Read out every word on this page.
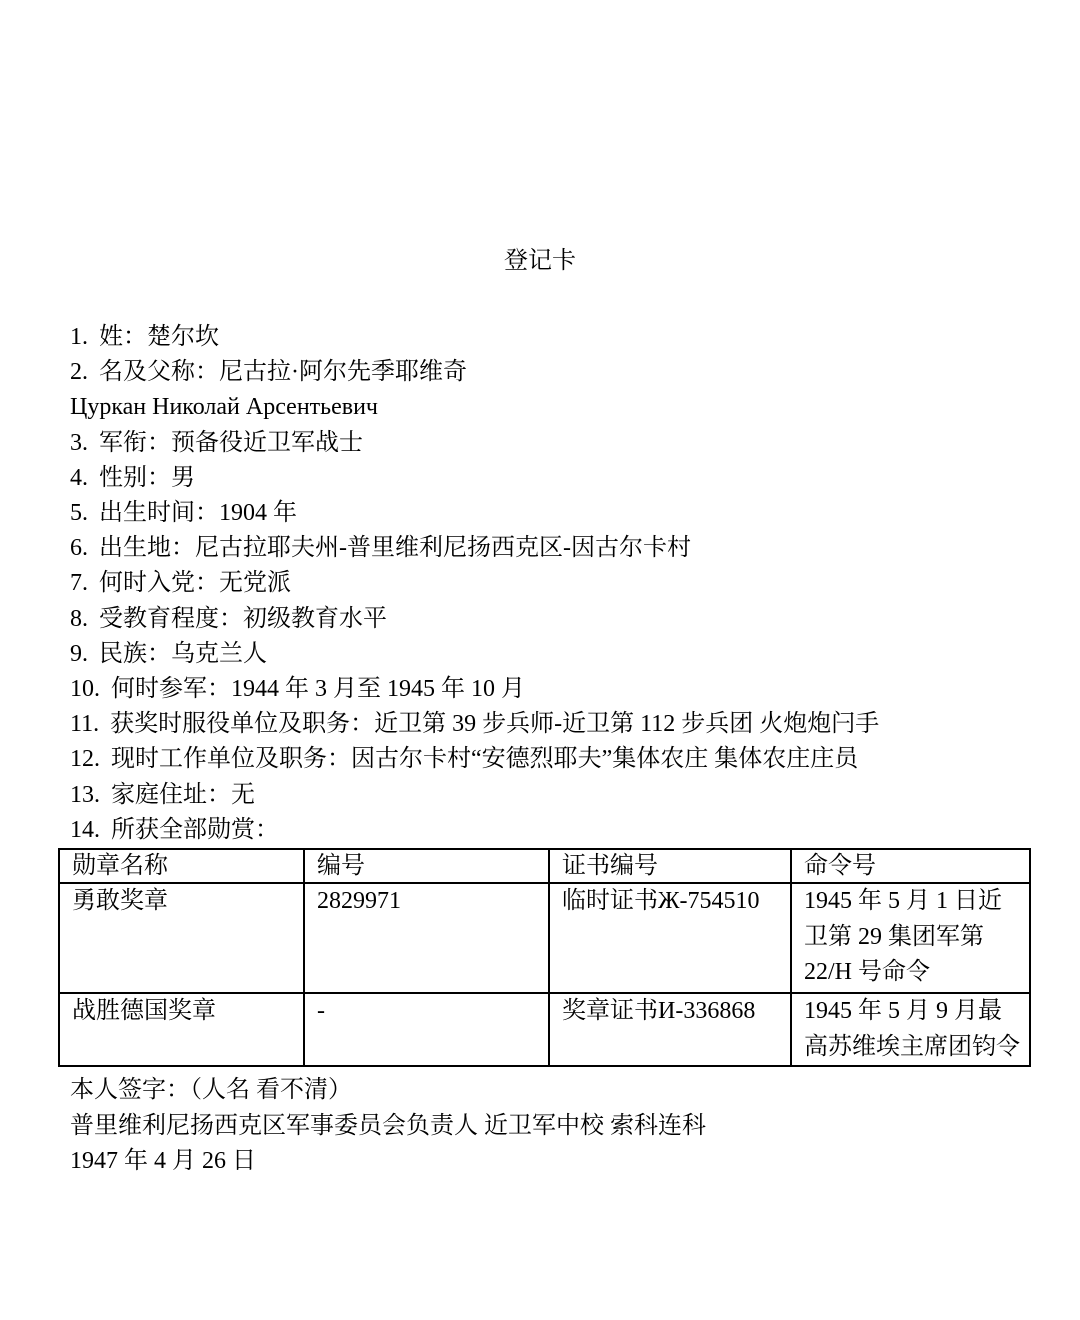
登记卡
1. 姓：楚尔坎
2. 名及父称：尼古拉·阿尔先季耶维奇
Цуркан Николай Арсентьевич
3. 军衔：预备役近卫军战士
4. 性别：男
5. 出生时间：1904 年
6. 出生地：尼古拉耶夫州-普里维利尼扬西克区-因古尔卡村
7. 何时入党：无党派
8. 受教育程度：初级教育水平
9. 民族：乌克兰人
10. 何时参军：1944 年 3 月至 1945 年 10 月
11. 获奖时服役单位及职务：近卫第 39 步兵师-近卫第 112 步兵团 火炮炮闩手
12. 现时工作单位及职务：因古尔卡村“安德烈耶夫”集体农庄 集体农庄庄员
13. 家庭住址：无
14. 所获全部勋赏：
勋章名称	编号	证书编号	命令号
勇敢奖章	2829971	临时证书Ж-754510	1945 年 5 月 1 日近卫第 29 集团军第 22/H 号命令
战胜德国奖章	-	奖章证书И-336868	1945 年 5 月 9 月最高苏维埃主席团钧令
本人签字：（人名 看不清）
普里维利尼扬西克区军事委员会负责人 近卫军中校 索科连科
1947 年 4 月 26 日
